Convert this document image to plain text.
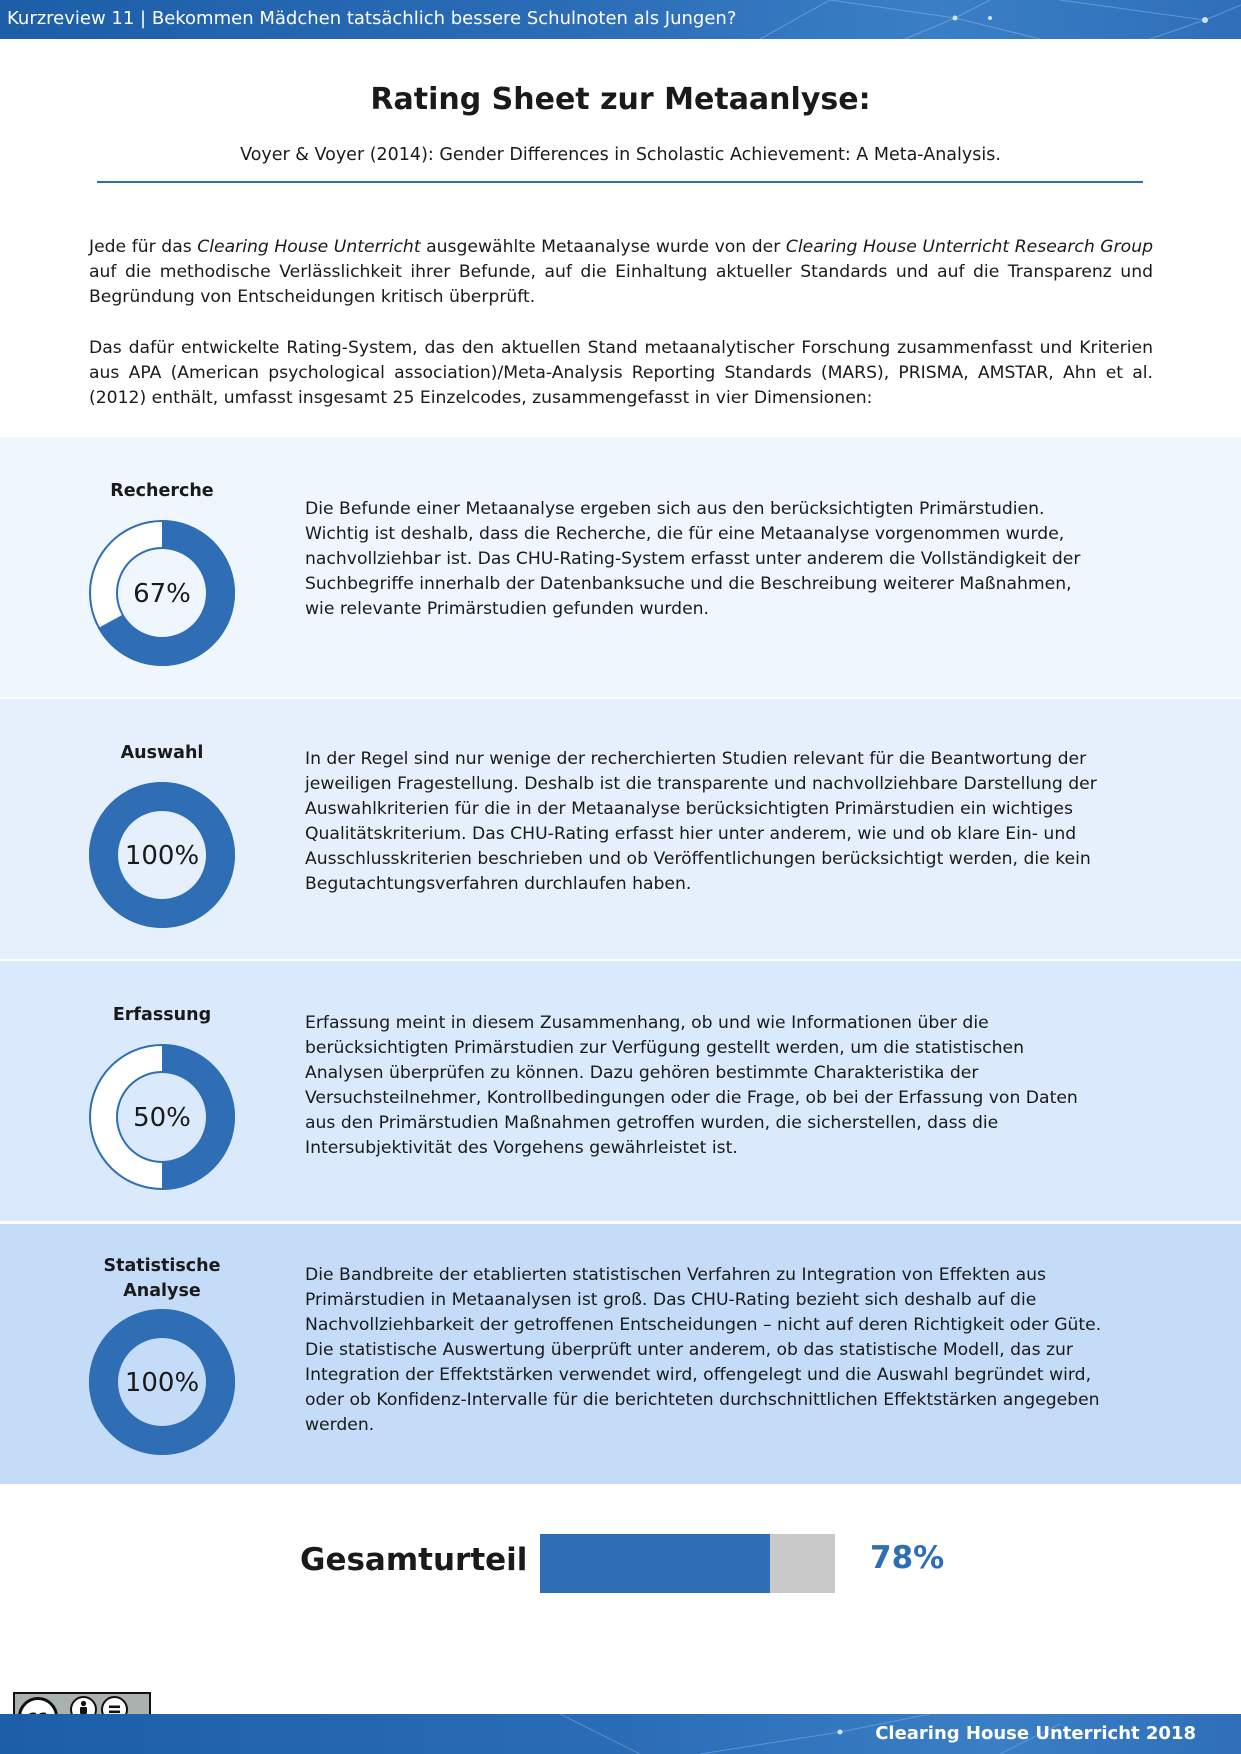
Kurzreview 11 | Bekommen Mädchen tatsächlich bessere Schulnoten als Jungen?
Rating Sheet zur Metaanlyse:
Voyer & Voyer (2014): Gender Differences in Scholastic Achievement: A Meta-Analysis.

Jede für das Clearing House Unterricht ausgewählte Metaanalyse wurde von der Clearing House Unterricht Research Group auf die methodische Verlässlichkeit ihrer Befunde, auf die Einhaltung aktueller Standards und auf die Transparenz und Begründung von Entscheidungen kritisch überprüft.

Das dafür entwickelte Rating-System, das den aktuellen Stand metaanalytischer Forschung zusammenfasst und Kriterien aus APA (American psychological association)/Meta-Analysis Reporting Standards (MARS), PRISMA, AMSTAR, Ahn et al. (2012) enthält, umfasst insgesamt 25 Einzelcodes, zusammengefasst in vier Dimensionen:

Recherche
67%
Die Befunde einer Metaanalyse ergeben sich aus den berücksichtigten Primärstudien. Wichtig ist deshalb, dass die Recherche, die für eine Metaanalyse vorgenommen wurde, nachvollziehbar ist. Das CHU-Rating-System erfasst unter anderem die Vollständigkeit der Suchbegriffe innerhalb der Datenbanksuche und die Beschreibung weiterer Maßnahmen, wie relevante Primärstudien gefunden wurden.
Auswahl
100%
In der Regel sind nur wenige der recherchierten Studien relevant für die Beantwortung der jeweiligen Fragestellung. Deshalb ist die transparente und nachvollziehbare Darstellung der Auswahlkriterien für die in der Metaanalyse berücksichtigten Primärstudien ein wichtiges Qualitätskriterium. Das CHU-Rating erfasst hier unter anderem, wie und ob klare Ein- und Ausschlusskriterien beschrieben und ob Veröffentlichungen berücksichtigt werden, die kein Begutachtungsverfahren durchlaufen haben.
Erfassung
50%
Erfassung meint in diesem Zusammenhang, ob und wie Informationen über die berücksichtigten Primärstudien zur Verfügung gestellt werden, um die statistischen Analysen überprüfen zu können. Dazu gehören bestimmte Charakteristika der Versuchsteilnehmer, Kontrollbedingungen oder die Frage, ob bei der Erfassung von Daten aus den Primärstudien Maßnahmen getroffen wurden, die sicherstellen, dass die Intersubjektivität des Vorgehens gewährleistet ist.
Statistische Analyse
100%
Die Bandbreite der etablierten statistischen Verfahren zu Integration von Effekten aus Primärstudien in Metaanalysen ist groß. Das CHU-Rating bezieht sich deshalb auf die Nachvollziehbarkeit der getroffenen Entscheidungen – nicht auf deren Richtigkeit oder Güte. Die statistische Auswertung überprüft unter anderem, ob das statistische Modell, das zur Integration der Effektstärken verwendet wird, offengelegt und die Auswahl begründet wird, oder ob Konfidenz-Intervalle für die berichteten durchschnittlichen Effektstärken angegeben werden.
Gesamturteil	78%
Clearing House Unterricht 2018
